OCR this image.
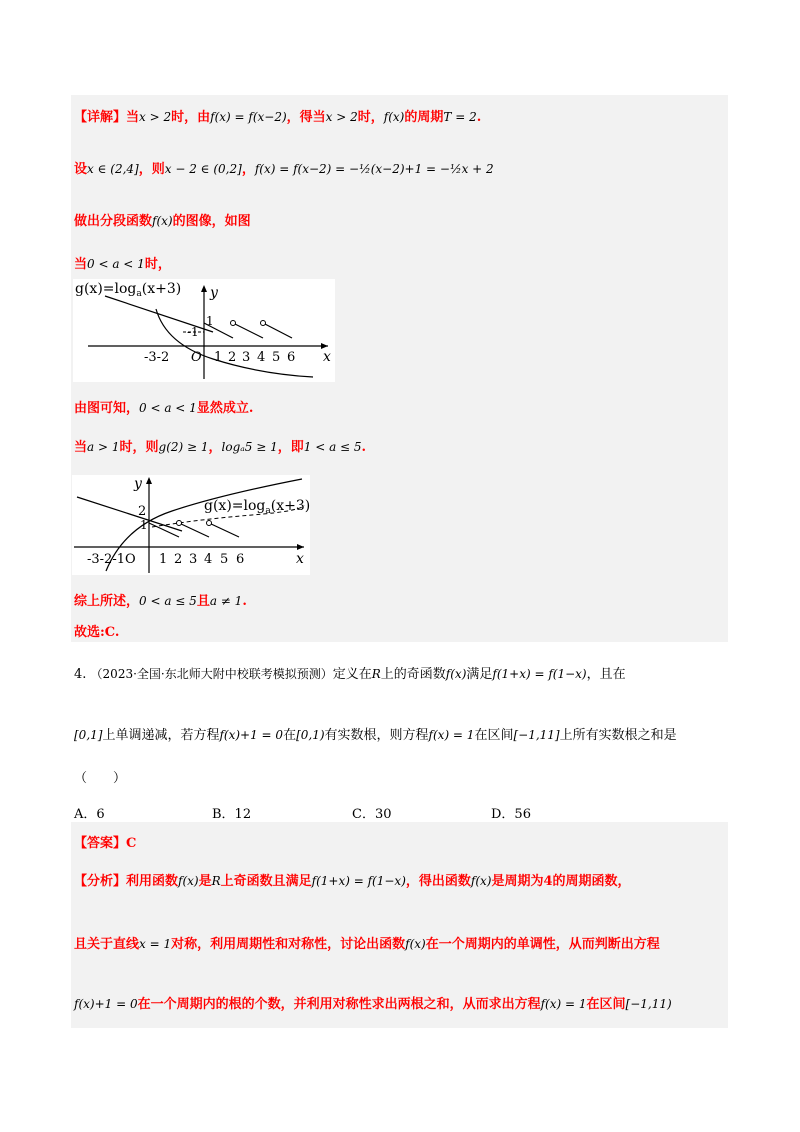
【详解】当x > 2时，由f(x) = f(x−2)，得当x > 2时，f(x)的周期T = 2.
设x ∈ (2,4]，则x − 2 ∈ (0,2]，f(x) = f(x−2) = −½(x−2)+1 = −½x + 2
做出分段函数f(x)的图像，如图
当0 < a < 1时，
$g(x)=\log_a(x+3)$ y
x
-3-2 O
-1
1
1 2 3 4 5 6
由图可知，0 < a < 1显然成立.
当a > 1时，则g(2) ≥ 1，logₐ5 ≥ 1，即1 < a ≤ 5.
y
x
$g(x)=\log_a(x+3)$
2
1
-3-2-1O 1 2 3 4 5 6
综上所述，0 < a ≤ 5且a ≠ 1.
故选:C.
4. （2023·全国·东北师大附中校联考模拟预测）定义在R上的奇函数f(x)满足f(1+x) = f(1−x)，且在
[0,1]上单调递减，若方程f(x)+1 = 0在[0,1)有实数根，则方程f(x) = 1在区间[−1,11]上所有实数根之和是
（　　）
A．6	B．12	C．30	D．56
【答案】C
【分析】利用函数f(x)是R上奇函数且满足f(1+x) = f(1−x)，得出函数f(x)是周期为4的周期函数，
且关于直线x = 1对称，利用周期性和对称性，讨论出函数f(x)在一个周期内的单调性，从而判断出方程
f(x)+1 = 0在一个周期内的根的个数，并利用对称性求出两根之和，从而求出方程f(x) = 1在区间[−1,11)
